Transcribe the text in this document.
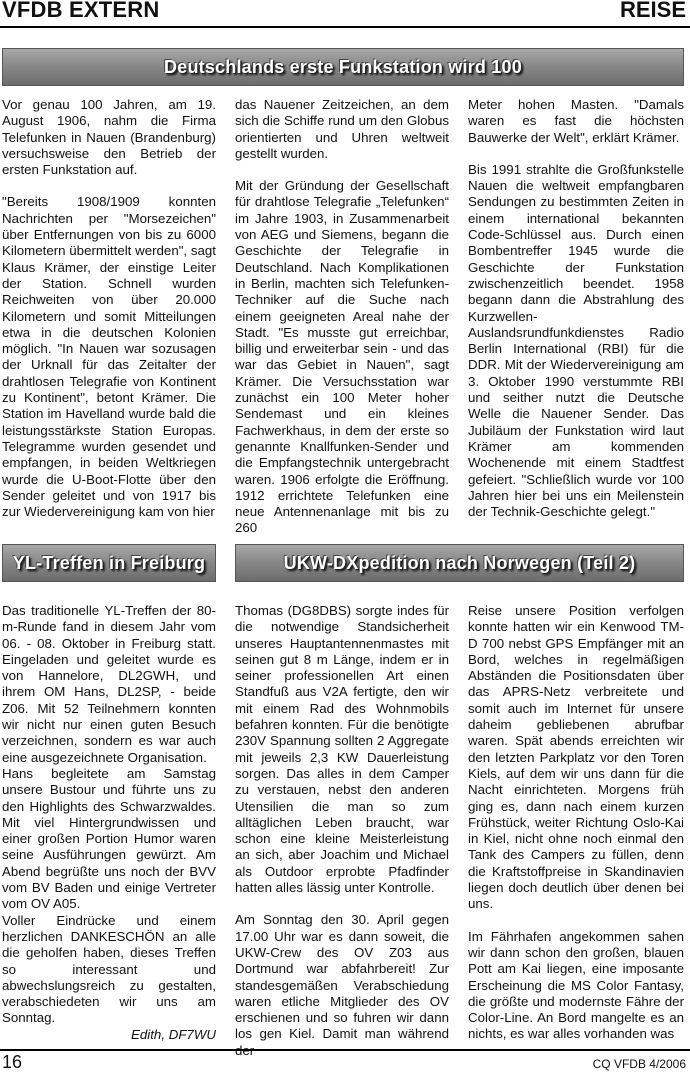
VFDB EXTERN	REISE
Deutschlands erste Funkstation wird 100

Vor genau 100 Jahren, am 19. August 1906, nahm die Firma Telefunken in Nauen (Brandenburg) versuchsweise den Betrieb der ersten Funkstation auf.

"Bereits 1908/1909 konnten Nachrichten per "Morsezeichen" über Entfernungen von bis zu 6000 Kilometern übermittelt werden", sagt Klaus Krämer, der einstige Leiter der Station. Schnell wurden Reichweiten von über 20.000 Kilometern und somit Mitteilungen etwa in die deutschen Kolonien möglich. "In Nauen war sozusagen der Urknall für das Zeitalter der drahtlosen Telegrafie von Kontinent zu Kontinent", betont Krämer. Die Station im Havelland wurde bald die leistungsstärkste Station Europas. Telegramme wurden gesendet und empfangen, in beiden Weltkriegen wurde die U-Boot-Flotte über den Sender geleitet und von 1917 bis zur Wiedervereinigung kam von hier

das Nauener Zeitzeichen, an dem sich die Schiffe rund um den Globus orientierten und Uhren weltweit gestellt wurden.

Mit der Gründung der Gesellschaft für drahtlose Telegrafie „Telefunken“ im Jahre 1903, in Zusammenarbeit von AEG und Siemens, begann die Geschichte der Telegrafie in Deutschland. Nach Komplikationen in Berlin, machten sich Telefunken-Techniker auf die Suche nach einem geeigneten Areal nahe der Stadt. "Es musste gut erreichbar, billig und erweiterbar sein - und das war das Gebiet in Nauen", sagt Krämer. Die Versuchsstation war zunächst ein 100 Meter hoher Sendemast und ein kleines Fachwerkhaus, in dem der erste so genannte Knallfunken-Sender und die Empfangstechnik untergebracht waren. 1906 erfolgte die Eröffnung. 1912 errichtete Telefunken eine neue Antennenanlage mit bis zu 260

Meter hohen Masten. "Damals waren es fast die höchsten Bauwerke der Welt", erklärt Krämer.

Bis 1991 strahlte die Großfunkstelle Nauen die weltweit empfangbaren Sendungen zu bestimmten Zeiten in einem international bekannten Code-Schlüssel aus. Durch einen Bombentreffer 1945 wurde die Geschichte der Funkstation zwischenzeitlich beendet. 1958 begann dann die Abstrahlung des Kurzwellen-Auslandsrundfunkdienstes Radio Berlin International (RBI) für die DDR. Mit der Wiedervereinigung am 3. Oktober 1990 verstummte RBI und seither nutzt die Deutsche Welle die Nauener Sender. Das Jubiläum der Funkstation wird laut Krämer am kommenden Wochenende mit einem Stadtfest gefeiert. "Schließlich wurde vor 100 Jahren hier bei uns ein Meilenstein der Technik-Geschichte gelegt."

YL-Treffen in Freiburg

Das traditionelle YL-Treffen der 80-m-Runde fand in diesem Jahr vom 06. - 08. Oktober in Freiburg statt. Eingeladen und geleitet wurde es von Hannelore, DL2GWH, und ihrem OM Hans, DL2SP, - beide Z06. Mit 52 Teilnehmern konnten wir nicht nur einen guten Besuch verzeichnen, sondern es war auch eine ausgezeichnete Organisation.

Hans begleitete am Samstag unsere Bustour und führte uns zu den Highlights des Schwarzwaldes. Mit viel Hintergrundwissen und einer großen Portion Humor waren seine Ausführungen gewürzt. Am Abend begrüßte uns noch der BVV vom BV Baden und einige Vertreter vom OV A05.

Voller Eindrücke und einem herzlichen DANKESCHÖN an alle die geholfen haben, dieses Treffen so interessant und abwechslungsreich zu gestalten, verabschiedeten wir uns am Sonntag.

Edith, DF7WU

UKW-DXpedition nach Norwegen (Teil 2)

Thomas (DG8DBS) sorgte indes für die notwendige Standsicherheit unseres Hauptantennenmastes mit seinen gut 8 m Länge, indem er in seiner professionellen Art einen Standfuß aus V2A fertigte, den wir mit einem Rad des Wohnmobils befahren konnten. Für die benötigte 230V Spannung sollten 2 Aggregate mit jeweils 2,3 KW Dauerleistung sorgen. Das alles in dem Camper zu verstauen, nebst den anderen Utensilien die man so zum alltäglichen Leben braucht, war schon eine kleine Meisterleistung an sich, aber Joachim und Michael als Outdoor erprobte Pfadfinder hatten alles lässig unter Kontrolle.

Am Sonntag den 30. April gegen 17.00 Uhr war es dann soweit, die UKW-Crew des OV Z03 aus Dortmund war abfahrbereit! Zur standesgemäßen Verabschiedung waren etliche Mitglieder des OV erschienen und so fuhren wir dann los gen Kiel. Damit man während der

Reise unsere Position verfolgen konnte hatten wir ein Kenwood TM-D 700 nebst GPS Empfänger mit an Bord, welches in regelmäßigen Abständen die Positionsdaten über das APRS-Netz verbreitete und somit auch im Internet für unsere daheim gebliebenen abrufbar waren. Spät abends erreichten wir den letzten Parkplatz vor den Toren Kiels, auf dem wir uns dann für die Nacht einrichteten. Morgens früh ging es, dann nach einem kurzen Frühstück, weiter Richtung Oslo-Kai in Kiel, nicht ohne noch einmal den Tank des Campers zu füllen, denn die Kraftstoffpreise in Skandinavien liegen doch deutlich über denen bei uns.

Im Fährhafen angekommen sahen wir dann schon den großen, blauen Pott am Kai liegen, eine imposante Erscheinung die MS Color Fantasy, die größte und modernste Fähre der Color-Line. An Bord mangelte es an nichts, es war alles vorhanden was

16	CQ VFDB 4/2006
